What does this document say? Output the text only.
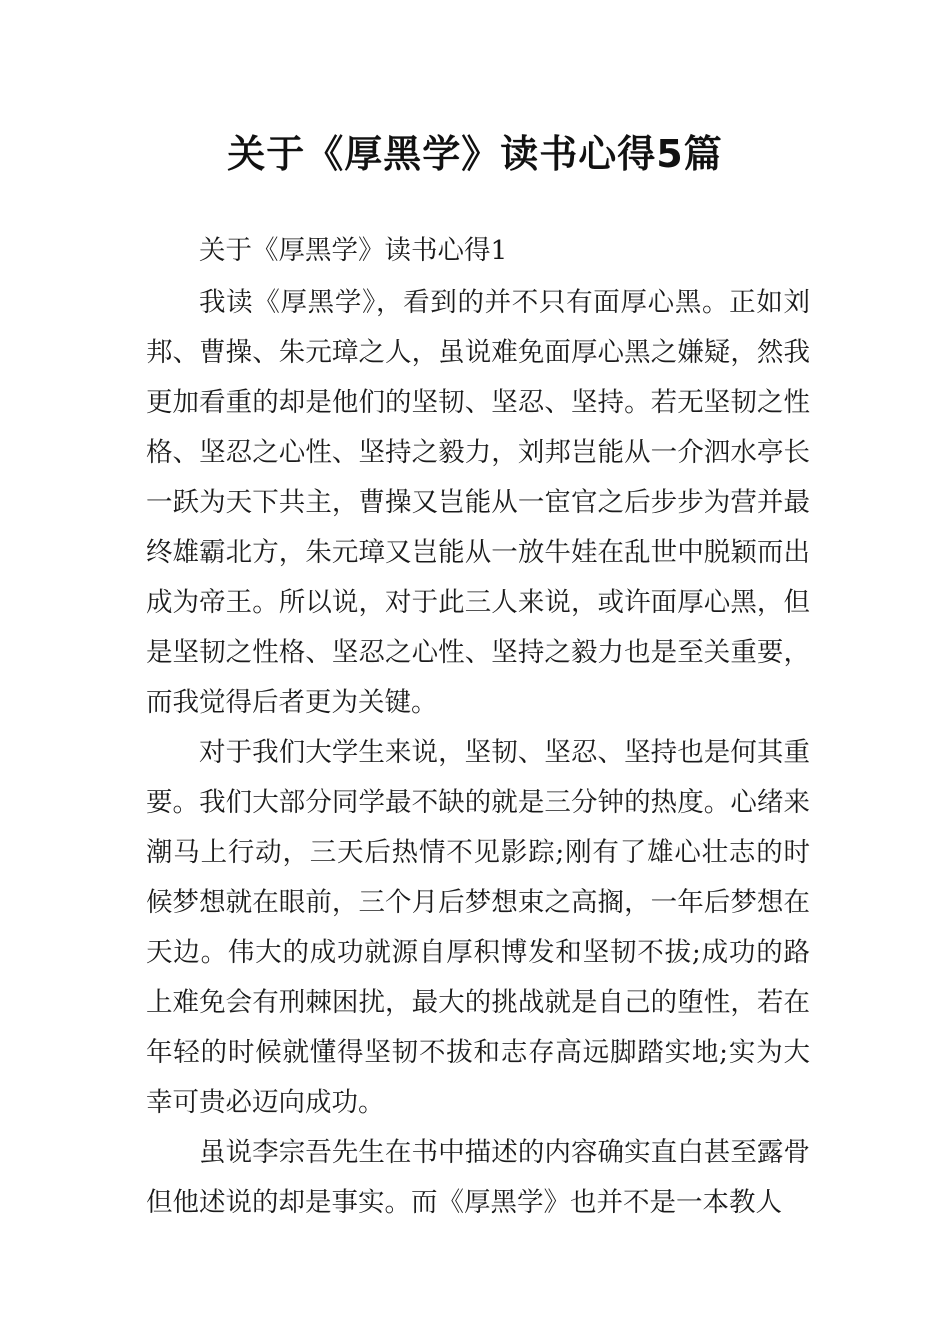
关于《厚黑学》读书心得5篇

关于《厚黑学》读书心得1

我读《厚黑学》，看到的并不只有面厚心黑。正如刘邦、曹操、朱元璋之人，虽说难免面厚心黑之嫌疑，然我更加看重的却是他们的坚韧、坚忍、坚持。若无坚韧之性格、坚忍之心性、坚持之毅力，刘邦岂能从一介泗水亭长一跃为天下共主，曹操又岂能从一宦官之后步步为营并最终雄霸北方，朱元璋又岂能从一放牛娃在乱世中脱颖而出成为帝王。所以说，对于此三人来说，或许面厚心黑，但是坚韧之性格、坚忍之心性、坚持之毅力也是至关重要，而我觉得后者更为关键。

对于我们大学生来说，坚韧、坚忍、坚持也是何其重要。我们大部分同学最不缺的就是三分钟的热度。心绪来潮马上行动，三天后热情不见影踪;刚有了雄心壮志的时候梦想就在眼前，三个月后梦想束之高搁，一年后梦想在天边。伟大的成功就源自厚积博发和坚韧不拔;成功的路上难免会有刑棘困扰，最大的挑战就是自己的堕性，若在年轻的时候就懂得坚韧不拔和志存高远脚踏实地;实为大幸可贵必迈向成功。

虽说李宗吾先生在书中描述的内容确实直白甚至露骨但他述说的却是事实。而《厚黑学》也并不是一本教人
